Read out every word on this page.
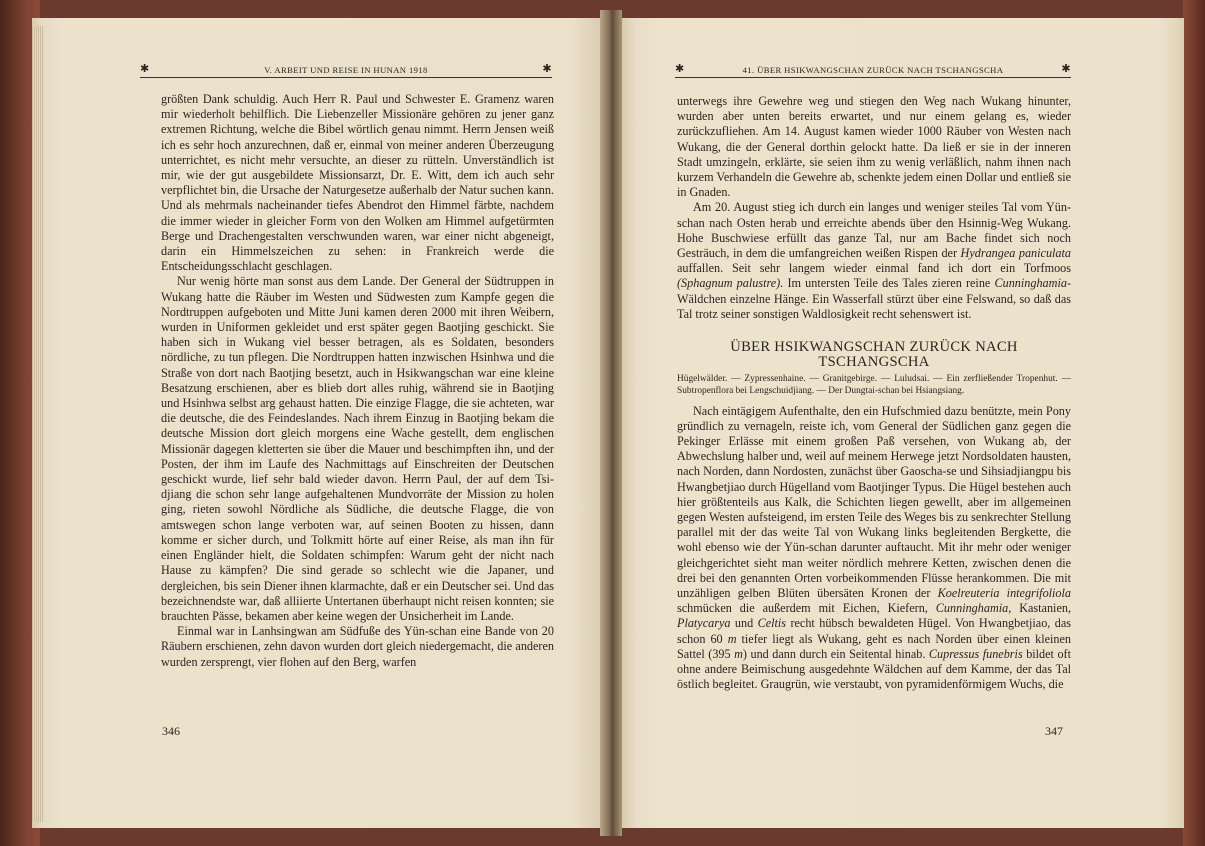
✱	V. ARBEIT UND REISE IN HUNAN 1918	✱	✱	41. ÜBER HSIKWANGSCHAN ZURÜCK NACH TSCHANGSCHA	✱

größten Dank schuldig. Auch Herr R. Paul und Schwester E. Gramenz waren mir wiederholt behilflich. Die Liebenzeller Missionäre gehören zu jener ganz extremen Richtung, welche die Bibel wörtlich genau nimmt. Herrn Jensen weiß ich es sehr hoch anzurechnen, daß er, einmal von meiner anderen Überzeugung unterrichtet, es nicht mehr versuchte, an dieser zu rütteln. Unverständlich ist mir, wie der gut ausgebildete Missionsarzt, Dr. E. Witt, dem ich auch sehr verpflichtet bin, die Ursache der Naturgesetze außerhalb der Natur suchen kann. Und als mehrmals nacheinander tiefes Abendrot den Himmel färbte, nachdem die immer wieder in gleicher Form von den Wolken am Himmel aufgetürmten Berge und Drachengestalten verschwunden waren, war einer nicht abgeneigt, darin ein Himmelszeichen zu sehen: in Frankreich werde die Entscheidungsschlacht geschlagen.

Nur wenig hörte man sonst aus dem Lande. Der General der Südtruppen in Wukang hatte die Räuber im Westen und Südwesten zum Kampfe gegen die Nordtruppen aufgeboten und Mitte Juni kamen deren 2000 mit ihren Weibern, wurden in Uniformen gekleidet und erst später gegen Baotjing geschickt. Sie haben sich in Wukang viel besser betragen, als es Soldaten, besonders nördliche, zu tun pflegen. Die Nordtruppen hatten inzwischen Hsinhwa und die Straße von dort nach Baotjing besetzt, auch in Hsikwangschan war eine kleine Besatzung erschienen, aber es blieb dort alles ruhig, während sie in Baotjing und Hsinhwa selbst arg gehaust hatten. Die einzige Flagge, die sie achteten, war die deutsche, die des Feindeslandes. Nach ihrem Einzug in Baotjing bekam die deutsche Mission dort gleich morgens eine Wache gestellt, dem englischen Missionär dagegen kletterten sie über die Mauer und beschimpften ihn, und der Posten, der ihm im Laufe des Nachmittags auf Einschreiten der Deutschen geschickt wurde, lief sehr bald wieder davon. Herrn Paul, der auf dem Tsi-djiang die schon sehr lange aufgehaltenen Mundvorräte der Mission zu holen ging, rieten sowohl Nördliche als Südliche, die deutsche Flagge, die von amtswegen schon lange verboten war, auf seinen Booten zu hissen, dann komme er sicher durch, und Tolkmitt hörte auf einer Reise, als man ihn für einen Engländer hielt, die Soldaten schimpfen: Warum geht der nicht nach Hause zu kämpfen? Die sind gerade so schlecht wie die Japaner, und dergleichen, bis sein Diener ihnen klarmachte, daß er ein Deutscher sei. Und das bezeichnendste war, daß alliierte Untertanen überhaupt nicht reisen konnten; sie brauchten Pässe, bekamen aber keine wegen der Unsicherheit im Lande.

Einmal war in Lanhsingwan am Südfuße des Yün-schan eine Bande von 20 Räubern erschienen, zehn davon wurden dort gleich niedergemacht, die anderen wurden zersprengt, vier flohen auf den Berg, warfen

unterwegs ihre Gewehre weg und stiegen den Weg nach Wukang hinunter, wurden aber unten bereits erwartet, und nur einem gelang es, wieder zurückzufliehen. Am 14. August kamen wieder 1000 Räuber von Westen nach Wukang, die der General dorthin gelockt hatte. Da ließ er sie in der inneren Stadt umzingeln, erklärte, sie seien ihm zu wenig verläßlich, nahm ihnen nach kurzem Verhandeln die Gewehre ab, schenkte jedem einen Dollar und entließ sie in Gnaden.

Am 20. August stieg ich durch ein langes und weniger steiles Tal vom Yün-schan nach Osten herab und erreichte abends über den Hsinnig-Weg Wukang. Hohe Buschwiese erfüllt das ganze Tal, nur am Bache findet sich noch Gesträuch, in dem die umfangreichen weißen Rispen der Hydrangea paniculata auffallen. Seit sehr langem wieder einmal fand ich dort ein Torfmoos (Sphagnum palustre). Im untersten Teile des Tales zieren reine Cunninghamia-Wäldchen einzelne Hänge. Ein Wasserfall stürzt über eine Felswand, so daß das Tal trotz seiner sonstigen Waldlosigkeit recht sehenswert ist.

ÜBER HSIKWANGSCHAN ZURÜCK NACH TSCHANGSCHA

Hügelwälder. — Zypressenhaine. — Granitgebirge. — Luludsai. — Ein zerfließender Tropenhut. — Subtropenflora bei Lengschuidjiang. — Der Dungtai-schan bei Hsiangsiang.

Nach eintägigem Aufenthalte, den ein Hufschmied dazu benützte, mein Pony gründlich zu vernageln, reiste ich, vom General der Südlichen ganz gegen die Pekinger Erlässe mit einem großen Paß versehen, von Wukang ab, der Abwechslung halber und, weil auf meinem Herwege jetzt Nordsoldaten hausten, nach Norden, dann Nordosten, zunächst über Gaoscha-se und Sihsiadjiangpu bis Hwangbetjiao durch Hügelland vom Baotjinger Typus. Die Hügel bestehen auch hier größtenteils aus Kalk, die Schichten liegen gewellt, aber im allgemeinen gegen Westen aufsteigend, im ersten Teile des Weges bis zu senkrechter Stellung parallel mit der das weite Tal von Wukang links begleitenden Bergkette, die wohl ebenso wie der Yün-schan darunter auftaucht. Mit ihr mehr oder weniger gleichgerichtet sieht man weiter nördlich mehrere Ketten, zwischen denen die drei bei den genannten Orten vorbeikommenden Flüsse herankommen. Die mit unzähligen gelben Blüten übersäten Kronen der Koelreuteria integrifoliola schmücken die außerdem mit Eichen, Kiefern, Cunninghamia, Kastanien, Platycarya und Celtis recht hübsch bewaldeten Hügel. Von Hwangbetjiao, das schon 60 m tiefer liegt als Wukang, geht es nach Norden über einen kleinen Sattel (395 m) und dann durch ein Seitental hinab. Cupressus funebris bildet oft ohne andere Beimischung ausgedehnte Wäldchen auf dem Kamme, der das Tal östlich begleitet. Graugrün, wie verstaubt, von pyramidenförmigem Wuchs, die

346	347
